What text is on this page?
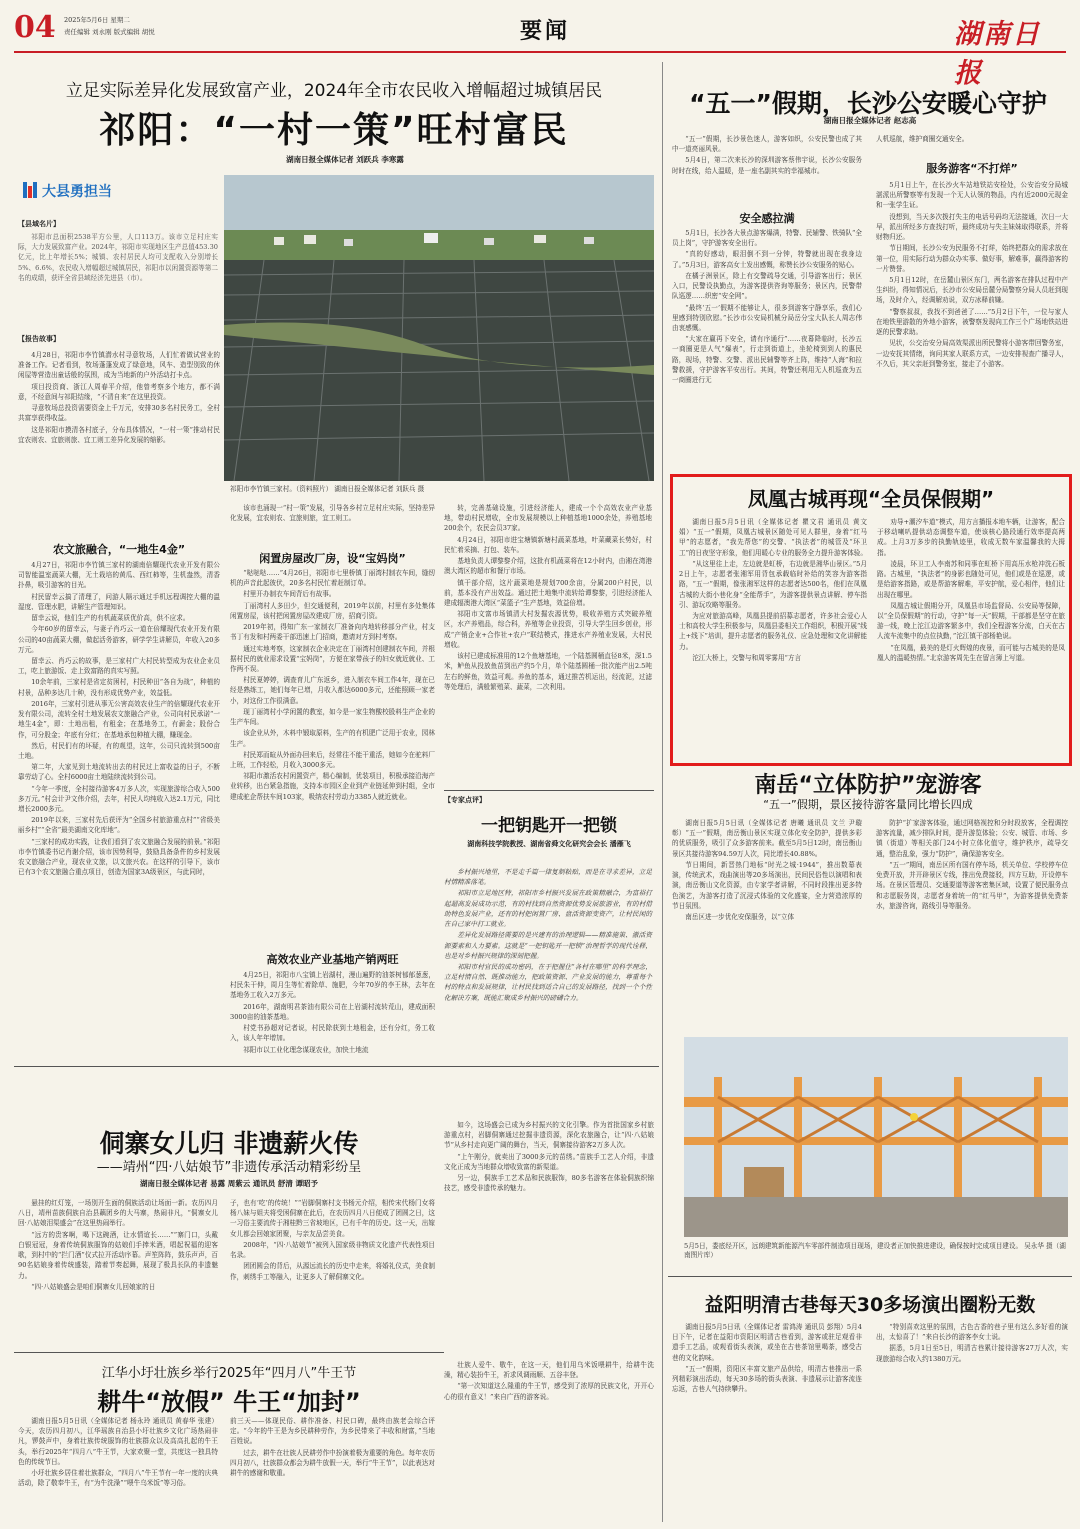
04 2025年5月6日 星期二
责任编辑 刘永刚 版式编辑 胡悦	要闻	湖南日报
立足实际差异化发展致富产业，2024年全市农民收入增幅超过城镇居民
祁阳：“一村一策”旺村富民
湖南日报全媒体记者 刘跃兵 李寒露
大县勇担当
【县域名片】

祁阳市总面积2538平方公里，人口113万。该市立足村庄实际，大力发展致富产业。2024年，祁阳市实现地区生产总值453.30亿元，比上年增长5%；城镇、农村居民人均可支配收入分别增长5%、6.6%，农民收入增幅超过城镇居民，祁阳市以闲置资源等第二名的成绩，获评全省县域经济先进县（市）。

【报告故事】
祁阳市李竹镇三家村。（资料照片） 湖南日报全媒体记者 刘跃兵 摄

4月28日，祁阳市李竹镇潜水村寻意牧场，人们忙着做试营业的准备工作。记者看到，牧场蓬蓬发成了绿意地，风车、造型别致的休闲屋等营造出童话般的氛围，成为当地新的户外活动打卡点。

项目投资商、浙江人周春平介绍，他曾考察多个地方，都不满意，不经意间与祁阳结缘，“不清自来”在这里投资。

寻意牧场总投资需要资金上千万元，安排30多名村民务工，全村共富享获得收益。

这是祁阳市摸清各村底子，分布具体情况，“一村一策”推动村民宜农则农、宜旅则旅、宜工则工差异化发展的缩影。

农文旅融合，“一地生4金”

4月27日，祁阳市李竹镇三家村的湖南倍耀现代农业开发有限公司智能温室蔬菜大棚，无土栽培的黄瓜、西红柿等，生机盎然，清香扑鼻，吸引游客的目光。

村民留幸云搞了清理了，问游人隔示通过手机远程调控大棚的温湿度、管理水肥，讲解生产管理知识。

留幸云说，他们生产的有机蔬菜质优价高，供不应求。

今年60岁的留幸云，与妻子肖巧云一道在倍耀现代农业开发有限公司的40亩蔬菜大棚，做起活务游客，研学学生讲解员，年收入20多万元。

留幸云、肖巧云的故事，是三家村广大村民转型成为农业企业员工，吃上旅游饭、走上致富路的真实写照。

10余年前，三家村是省定贫困村，村民种田“各自为战”，种植的村景，品种多达几十种，没有形成优势产业，效益低。

2016年，三家村引进从事无公害高效农业生产的倍耀现代农业开发有限公司，流转全村土地发展农文旅融合产业，公司向村民承诺“一地生4金”，即：土地出租，有租金；在基地务工，有薪金；股份合作，可分股金；年底有分红；在基地承包种植大棚，赚现金。

然后，村民们有的坏疑，有的观望，这年，公司只流转到500亩土地。

第二年，大家见到土地流转出去的村民过上富收益的日子，不断靠劳动了心。全村6000亩土地陆续流转到公司。

“今年一季度，全村接待游客4万多人次，实现旅游综合收入500多万元。”村会计尹文伟介绍，去年，村民人均纯收入达2.1万元，同比增长2000多元。

2019年以来，三家村先后获评为“全国乡村旅游重点村”“省级美丽乡村”“全省”最美湖南文化库地”。

“三家村的成功实践，让我们看到了农文旅融合发展的前景。”祁阳市李竹镇委书记肖谢介绍，该市因势利导，鼓励具备条件的乡村发展农文旅融合产业，现农业文旅，以文旅兴农。在这样的引导下，该市已有3个农文旅融合重点项目，创造为国家3A级景区，与此同时，

该市也涌现一“村一策”发展，引导各乡村立足村庄实际，坚持差异化发展，宜农则农、宜旅则旅，宜工则工。

闲置房屋改厂房，设“宝妈岗”

“哒哒哒……”4月26日，祁阳市七里桥镇丁丽湾村制衣车间，缝纫机的声音此起彼伏，20多名村民忙着赶制订单。

村里开办制衣车间背后有故事。

丁丽湾村人多田少，但交通便利，2019年以前，村里有多处集体闲置房屋，该村把闲置房屋改建成厂房，招商引资。

2019年初，得知广东一家制衣厂准备向内地转移部分产业，村支书丁有发和村两委干部迅速上门招商，邀请对方到村考察。

通过实地考察，这家制衣企业决定在丁丽湾村创建制衣车间，并根据村民的就业需求设置“宝妈岗”，方便在家带孩子的妇女就近就业、工作两不误。

村民夏婷婷，调查育儿广东返乡，进入制衣车间工作4年，现在已经是熟练工，她们每年已增，月收入都达6000多元，还能照顾一家老小，对这份工作很满意。

现丁丽湾村小学闲置的教室，如今是一家生物酸校股料生产企业的生产车间。

该企业从外，木料中锻取原料，生产的有机肥广泛用于农业，园林生产。

村民郑而暄从外面办回来后，经常往不能干重活，她如今在驼料厂上班，工作轻松，月收入3000多元。

祁阳市激活农村闲置资产，精心编制，优装项目，积极承接沿海产业转移，出台紧急指施，支持本市园区企业到产业链延伸到村组，全市建成驼企帮扶车间103家，吸纳农村劳动力3385人就近就业。

高效农业产业基地产销两旺

4月25日，祁阳市八宝镇上岩湖村，漫山遍野的油茶树郁郁葱葱，村民朱干伸，周月生等忙着除草、施肥，今年70岁的李王林，去年在基地务工收入2万多元。

2016年，湖南明君茶油有限公司在上岩湖村流转荒山，建成面积3000亩的油茶基地。

村党书孙超对记者说，村民除获到土地租金，还有分红，务工收入，该人年年增加。

祁阳市以工业化理念谋现农业，加快土地流

转，完善基础设施，引进经济能人，建成一个个高效农业产业基地，带动村民增收，全市发展规模以上种植基地1000余处，养殖基地200余个，农民会员37家。

4月24日，祁阳市进宝塘镇新塘村蔬菜基地，叶菜藏菜长势好，村民忙着采摘、打包、装车。

基地负责人谭黎黎介绍，这批有机蔬菜将在12小时内，由湘在湾港澳大湾区的超市和餐厅市场。

镇干部介绍，这片蔬菜地是规划700余亩，分属200户村民，以前，基本没有产出效益。通过把土地集中流转给谭黎黎，引进经济能人建成辐澳港大湾区“菜篮子”生产基地，效益倍增。

祁阳市文富市场镇清大村发掘农源优势，吸收养殖方式突破养殖区，水产养殖品，综合科，养殖等企业投资，引导大学生回乡创业，形成“产销企业+合作社+农户”联结模式，推进水产养殖业发展，大村民增收。

该村已建成标准用的12个鱼塘基地，一个陆基圆桶直径8米，深1.5米，鲈鱼从投放鱼苗到出产约5个月，单个陆基圆桶一批次能产出2.5吨左右的鲜鱼，效益可观。养鱼的基本，通过推苦机运出，经流泥，过滤等处理后，满般繁殖菜、蔬菜，二次利用。

【专家点评】
一把钥匙开一把锁
湖南科技学院教授、湖南省舜文化研究会会长 潘雁飞

乡村振兴地里，不是走千篇一律复制粘贴，而是在寻求差异，立足村情精准落笔。

祁阳市立足地区特，祁阳市乡村振兴发展在政策精融合，为富裕打起超高发展成功示范，有的村找到自然资源优势发展旅游业，有的村借助特色发展产业，还有的村把闲置厂房、盘活资源变资产，让村民闲的在自己家中打工就业。

差异化发展路径需要的是兴建有的治理逻辑——精准施策、激活资源要素和人力要素。这就是“一把钥匙开一把锁”治理哲学的现代诠释，也是对乡村振兴规律的深刻把握。

祁阳市村官民的成功密码，在于把握住“各村在哪里”的科学理念，立足村情自然、既推动能力，把政策资源、产业发展的能力，尊重每个村的特点和发展规律，让村民找到适合自己的发展路径，找到一个个性化解决方案，既能汇聚成乡村振兴的磅礴合力。

“五一”假期，长沙公安暖心守护
湖南日报全媒体记者 赵志高

“五一”假期，长沙景色迷人，游客如织，公安民警也成了其中一道亮丽风景。

5月4日，第二次来长沙的深圳游客蔡伟宇说，长沙公安服务时时在线，给人温暖，是一座名副其实的幸福城市。

安全感拉满

5月1日，长沙各大景点游客爆满，特警、民辅警、铁骑队“全员上岗”，守护游客安全出行。

“真的好感动，眼泪倒不到一分钟，特警就出现在我身边了。”5月3日，游客高女士发出感慨，称赞长沙公安服务的贴心。

在橘子洲景区，除上有交警疏导交通，引导游客出行；景区入口，民警设执勤点，为游客提供咨询等服务；景区内，民警带队巡逻……织密“安全网”。

“最终‘五一’假期不能够让人，很多到游客宁静享乐，我们心里感到特别欣慰。”长沙市公安局机械分局岳分宝大队长人周志伟由衷感慨。

“大家在赢再下安全，请有序通行”……夜幕降临时，长沙五一商圈更是人气“爆表”，行走到街道上，坐轮椅到到人的惠民路，现场，特警、交警、派出民辅警等齐上阵，维持“人海”和拉警救援，守护游客平安出行。其间，特警还利用无人机巡查为五一商圈进行无

人机巡航，维护商圈交通安全。

服务游客“不打烊”

5月1日上午，在长沙火车站地铁站安检处，公安治安分局城湛派出所警察等有发现一个无人认领的物品，内有近2000元现金和一张学生证。

没想到，当天多次拨打失主的电话号码均无法接通，次日一大早，派出所经多方查找打听，最终成功与失主妹妹取得联系，并将财物归还。

节日期间，长沙公安为民服务不打烊，始终把群众的需求放在第一位，用实际行动为群众办实事、做好事，解难事，赢得游客的一片赞誉。

5月1日12时，在岳麓山景区东门，两名游客在排队过程中产生纠纷，得知情况后，长沙市公安局岳麓分局警察分局人员赶到现场，及时介入，经调解劝说，双方冰释前嫌。

“警察叔叔，我找不到爸爸了……”5月2日下午，一位与家人在地铁里游散的外地小游客，被警察发现向工作三个广场地铁站进逐的民警求助。

见状，公交治安分局高效渠派出所民警将小游客带回警务室，一边安抚其情绪，询问其家人联系方式，一边安排视查广播寻人，不久后，其父亲赶到警务室，接走了小游客。

凤凰古城再现“全员保假期”

湖南日报5月5日讯（全媒体记者 瞿文君 通讯员 黄文娟）“五一”假期，凤凰古城景区随处可见人群里，身着“红马甲”的志愿者，“我先帮您”的交警、“执法者”的城管及“环卫工”的日夜坚守形象，他们用暖心专业的服务全力提升游客体验。

“从这里往上走，左边就是虹桥，右边就是湘华山景区。”5月2日上午，志愿者张湘军用背包承载临时补给的笑容为游客指路，“五一”假期，像张湘军这样的志愿者达500名，他们在凤凰古城的大街小巷化身“全能帮手”，为游客提供景点讲解、停车指引、游玩攻略等服务。

为应对旅游高峰，凤凰县提前招募志愿者，许多社会爱心人士和高校大学生积极参与，凤凰县委相关工作组织，积极开展“线上+线下”培训，提升志愿者的服务礼仪、应急处理和文化讲解能力。

沱江大桥上，交警与和周零雾用“方言

劝导+潮汐车道”模式，用方言播报本地车辆，让游客，配合于移动喇叭提供动态调整车道，使该核心路段通行效率提高两成。上月3万多步的执勤轨迹里，收成无数车家温馨我的大拇指。

凌晨，环卫工人李南苏和同事在虹桥下用高压水枪冲洗石板路。古城里，“执法者”的身影也随处可见，他们或是在巡逻，或是给游客指路，或是帮游客解难，平安护航，爱心相伴，他们让出现在哪里。

凤凰古城让假期分开，凤凰县市场监督局、公安局等保障，以“全员保假期”的行动，守护“每一天”假期，干部都是坚守在旅游一线，晚上沱江边游客繁多中，我们全程游客分流，白天在古人流车流集中的点位执勤，”沱江镇干部杨艳说。

“在凤凰，最美的是灯火辉煌的夜景，而可能与古城美的是凤凰人的温暖热情。”北京游客周先生在留言簿上写道。

南岳“立体防护”宠游客
“五一”假期，景区接待游客量同比增长四成

湖南日报5月5日讯（全媒体记者 唐曦 通讯员 文兰 尹璇彰）“五一”假期，南岳衡山景区实现立体化安全防护，提供多彩的优质服务，吸引了众多游客前来。截至5月5日12时，南岳衡山景区共接待游客94.59万人次，同比增长40.88%。

节日期间，新晋热门地标“时光之城·1944”，推出数幕表演，传统武术，戏曲演出等20多场演出，民间民俗性以演唱和表演，南岳衡山文化资源，由专家学者讲解，不同时段推出更多特色演艺，为游客打造了沉浸式体验的文化盛宴，全力营造浓厚的节日氛围。

南岳区进一步优化安保服务，以“立体

防护“扩家游客体验，通过网格视控和分时段放客，全程调控游客流量，减少排队时间，提升游览体验；公安、城管、市场、乡镇（街道）等相关部门24小时立体化值守，维护秩序，疏导交通，整治乱象，强力“防护”，确保游客安全。

“五一”期间，南岳区所有国有停车场，机关单位、学校停车位免费开放，并开辟景区专线，推出免费接驳，四方互助，开设停车场。在景区管理员、交通要道等游客密集区域，设置了便民服务点和志愿服务岗，志愿者身着统一的“红马甲”，为游客提供免费茶水，旅游咨询，路线引导等服务。

5月5日，娄底经开区，远朗建筑新能源汽车零部件制造项目现场，建设者正加快推进建设，确保按时完成项目建设。 吴永华 摄（湖南图片库）
益阳明清古巷每天30多场演出圈粉无数

湖南日报5月5日讯（全媒体记者 雷鸿涛 通讯员 彭翔）5月4日下午，记者在益阳市资阳区明清古巷看到，游客或驻足观看非遗手工艺品，或观看街头表演，或坐在古巷茶馆里喝茶，感受古巷的文化韵味。

“五一”假期，资阳区丰富文旅产品供给，明清古巷推出一系列精彩演出活动，每天30多场的街头表演、非遗展示让游客流连忘返，古巷人气持续攀升。

“特别喜欢这里的氛围，古色古香的巷子里有这么多好看的演出，太惊喜了！”来自长沙的游客李女士说。

据悉，5月1日至5日，明清古巷累计接待游客27万人次，实现旅游综合收入约1380万元。

侗寨女儿归 非遗薪火传
——靖州“四·八姑娘节”非遗传承活动精彩纷呈
湖南日报全媒体记者 易露 周紫云 通讯员 舒清 谭昭予

悬挂的红灯笼，一场别开生面的侗族活动让场面一新。农历四月八日，靖州苗族侗族自治县藕团乡的大马寨，热闹非凡，“侗寨女儿回·八姑娘泪渠盛会”在这里热闹举行。

“远方的贵客啊，喝下这碗酒，让水情谊长……””寨门口，头戴白银冠冠，身着传统侗族服饰的姑娘们手捧米酒，唱起祝福的迎客歌，到村中的“拦门酒”仪式拉开活动序幕。声笙阵阵，鼓乐声声，百90名姑娘身着传统盛装，踏着节奏起舞，展现了极具长队的非遗魅力。

“四·八姑娘盛会是咱们侗寨女儿回娘家的日

子，也有‘吃’的传统！”“岩脚侗寨村支书杨元介绍，相传宋代杨门女将杨八妹与姐夫将受困侗寨在此后，在农历四月八日便成了团圆之日，这一习俗主要流传于湘桂黔三省坡地区，已有千年的历史。这一天，出嫁女儿都会回娘家团聚，与亲友品尝美食。

2008年，“四·八姑娘节”被列入国家级非物质文化遗产代表性项目名录。

团团圆会的背后，从源远流长的历史中走来，将婚礼仪式，美食制作，刺绣手工等融入，让更多人了解侗寨文化。

如今，这场盛会已成为乡村振兴的文化引擎。作为首批国家乡村旅游重点村，岩脚侗寨通过挖掘非遗资源，深化农旅融合，让“四·八姑娘节”从乡村走向更广阔的舞台，当天，侗寨接待游客2万多人次。

“上午刚分，就卖出了3000多元的苗绣。”苗族手工艺人介绍，非遗文化正成为当地群众增收致富的新渠道。

另一边，侗族手工艺术品和民族服饰，80多名游客在体验侗族织锦技艺，感受非遗传承的魅力。

江华小圩壮族乡举行2025年“四月八”牛王节
耕牛“放假” 牛王“加封”

湖南日报5月5日讯（全媒体记者 杨永玲 通讯员 黄春华 张建）今天，农历四月初八，江华瑶族自治县小圩壮族乡文化广场热闹非凡，锣鼓声中，身着壮族传统服饰的壮族群众以及高高扎起的牛王头，举行2025年“四月八”牛王节，大家欢聚一堂，共度这一独具特色的传统节日。

小圩壮族乡居住着壮族群众，“四月八”牛王节有一年一度的庆典活动，除了敬奉牛王，有“为牛洗澡”“喂牛乌米饭”等习俗。

前三天——体现民俗、耕作准备、村民口碑，最终由族老会综合评定。“今年的牛王是为乡民耕种劳作，为乡民带来了丰收和财富，”当地百姓说。

过去，耕牛在壮族人民耕劳作中扮演着极为重要的角色。每年农历四月初八，壮族群众都会为耕牛放假一天，举行“牛王节”，以此表达对耕牛的感谢和敬重。

壮族人爱牛、敬牛，在这一天，他们用乌米饭喂耕牛，给耕牛洗澡，精心装扮牛王，祈求风调雨顺、五谷丰登。

“第一次知道这么隆重的牛王节，感受到了浓厚的民族文化，开开心心的很有意义！”来自广西的游客说。
